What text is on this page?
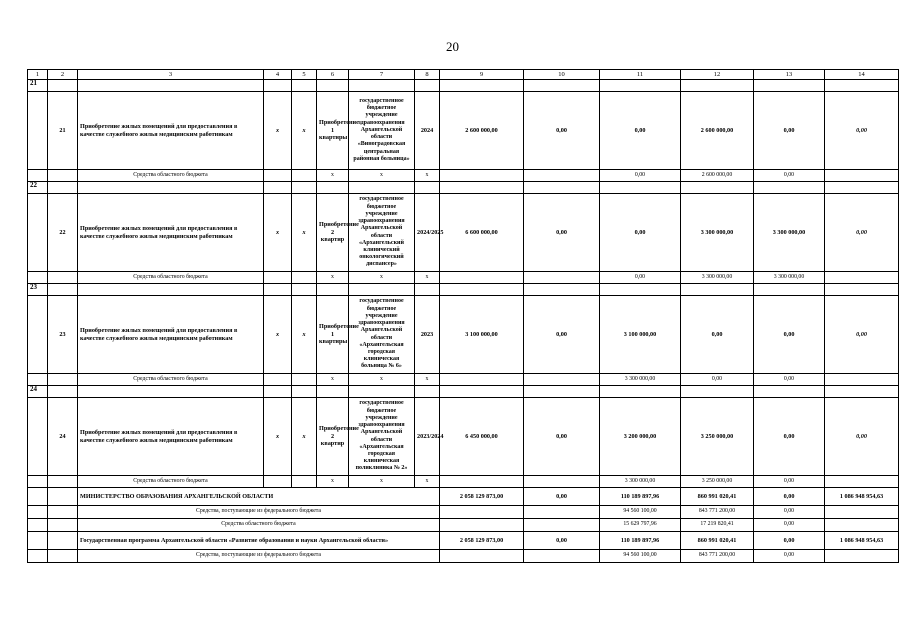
20
1	2	3	4	5	6	7	8	9	10	11	12	13	14
21													
	21	Приобретение жилых помещений для предоставления в качестве служебного жилья медицинским работникам	х	х	Приобретение 1 квартиры	государственное бюджетное учреждение здравоохранения Архангельской области «Виноградовская центральная районная больница»	2024	2 600 000,00	0,00	0,00	2 600 000,00	0,00	0,00
		Средства областного бюджета			х	х	х			0,00	2 600 000,00	0,00	
22													
	22	Приобретение жилых помещений для предоставления в качестве служебного жилья медицинским работникам	х	х	Приобретение 2 квартир	государственное бюджетное учреждение здравоохранения Архангельской области «Архангельский клинический онкологический диспансер»	2024/2025	6 600 000,00	0,00	0,00	3 300 000,00	3 300 000,00	0,00
		Средства областного бюджета			х	х	х			0,00	3 300 000,00	3 300 000,00	
23													
	23	Приобретение жилых помещений для предоставления в качестве служебного жилья медицинским работникам	х	х	Приобретение 1 квартиры	государственное бюджетное учреждение здравоохранения Архангельской области «Архангельская городская клиническая больница № 6»	2023	3 100 000,00	0,00	3 100 000,00	0,00	0,00	0,00
		Средства областного бюджета			х	х	х			3 300 000,00	0,00	0,00	
24													
	24	Приобретение жилых помещений для предоставления в качестве служебного жилья медицинским работникам	х	х	Приобретение 2 квартир	государственное бюджетное учреждение здравоохранения Архангельской области «Архангельская городская клиническая поликлиника № 2»	2023/2024	6 450 000,00	0,00	3 200 000,00	3 250 000,00	0,00	0,00
		Средства областного бюджета			х	х	х			3 300 000,00	3 250 000,00	0,00	
		МИНИСТЕРСТВО ОБРАЗОВАНИЯ АРХАНГЕЛЬСКОЙ ОБЛАСТИ						2 058 129 873,00	0,00	110 189 897,96	860 991 020,41	0,00	1 086 948 954,63
		Средства, поступающие из федерального бюджета								94 560 100,00	843 771 200,00	0,00	
		Средства областного бюджета								15 629 797,96	17 219 820,41	0,00	
		Государственная программа Архангельской области «Развитие образования и науки Архангельской области»						2 058 129 873,00	0,00	110 189 897,96	860 991 020,41	0,00	1 086 948 954,63
		Средства, поступающие из федерального бюджета								94 560 100,00	843 771 200,00	0,00	
